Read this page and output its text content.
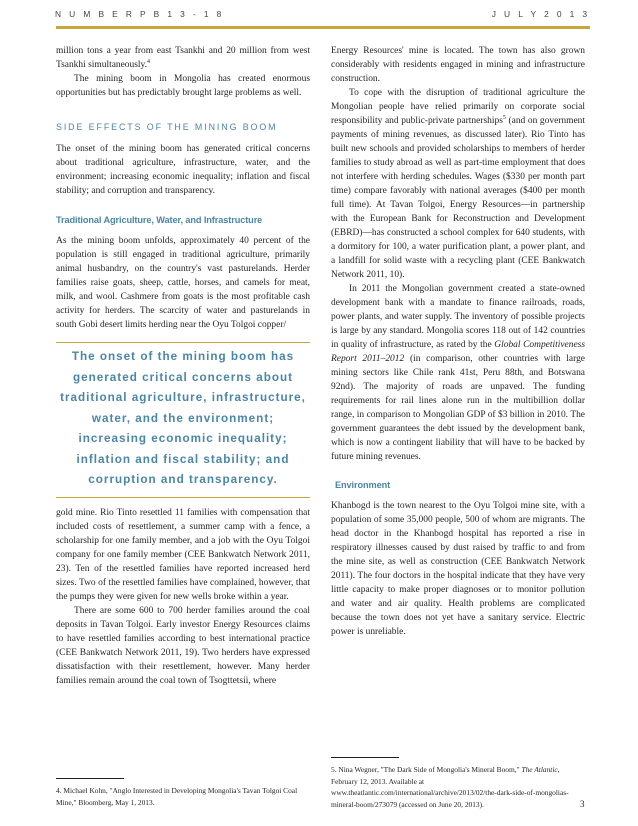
N U M B E R P B 1 3 - 1 8	J U L Y 2 0 1 3

million tons a year from east Tsankhi and 20 million from west Tsankhi simultaneously.$^4$

The mining boom in Mongolia has created enormous opportunities but has predictably brought large problems as well.

SIDE EFFECTS OF THE MINING BOOM

The onset of the mining boom has generated critical concerns about traditional agriculture, infrastructure, water, and the environment; increasing economic inequality; inflation and fiscal stability; and corruption and transparency.

Traditional Agriculture, Water, and Infrastructure

As the mining boom unfolds, approximately 40 percent of the population is still engaged in traditional agriculture, primarily animal husbandry, on the country's vast pasturelands. Herder families raise goats, sheep, cattle, horses, and camels for meat, milk, and wool. Cashmere from goats is the most profitable cash activity for herders. The scarcity of water and pasturelands in south Gobi desert limits herding near the Oyu Tolgoi copper/

The onset of the mining boom has generated critical concerns about traditional agriculture, infrastructure, water, and the environment; increasing economic inequality; inflation and fiscal stability; and corruption and transparency.

gold mine. Rio Tinto resettled 11 families with compensation that included costs of resettlement, a summer camp with a fence, a scholarship for one family member, and a job with the Oyu Tolgoi company for one family member (CEE Bankwatch Network 2011, 23). Ten of the resettled families have reported increased herd sizes. Two of the resettled families have complained, however, that the pumps they were given for new wells broke within a year.

There are some 600 to 700 herder families around the coal deposits in Tavan Tolgoi. Early investor Energy Resources claims to have resettled families according to best international practice (CEE Bankwatch Network 2011, 19). Two herders have expressed dissatisfaction with their resettlement, however. Many herder families remain around the coal town of Tsogttetsii, where

Energy Resources' mine is located. The town has also grown considerably with residents engaged in mining and infrastructure construction.

To cope with the disruption of traditional agriculture the Mongolian people have relied primarily on corporate social responsibility and public-private partnerships$^5$ (and on government payments of mining revenues, as discussed later). Rio Tinto has built new schools and provided scholarships to members of herder families to study abroad as well as part-time employment that does not interfere with herding schedules. Wages ($330 per month part time) compare favorably with national averages ($400 per month full time). At Tavan Tolgoi, Energy Resources—in partnership with the European Bank for Reconstruction and Development (EBRD)—has constructed a school complex for 640 students, with a dormitory for 100, a water purification plant, a power plant, and a landfill for solid waste with a recycling plant (CEE Bankwatch Network 2011, 10).

In 2011 the Mongolian government created a state-owned development bank with a mandate to finance railroads, roads, power plants, and water supply. The inventory of possible projects is large by any standard. Mongolia scores 118 out of 142 countries in quality of infrastructure, as rated by the Global Competitiveness Report 2011–2012 (in comparison, other countries with large mining sectors like Chile rank 41st, Peru 88th, and Botswana 92nd). The majority of roads are unpaved. The funding requirements for rail lines alone run in the multibillion dollar range, in comparison to Mongolian GDP of $3 billion in 2010. The government guarantees the debt issued by the development bank, which is now a contingent liability that will have to be backed by future mining revenues.

Environment

Khanbogd is the town nearest to the Oyu Tolgoi mine site, with a population of some 35,000 people, 500 of whom are migrants. The head doctor in the Khanbogd hospital has reported a rise in respiratory illnesses caused by dust raised by traffic to and from the mine site, as well as construction (CEE Bankwatch Network 2011). The four doctors in the hospital indicate that they have very little capacity to make proper diagnoses or to monitor pollution and water and air quality. Health problems are complicated because the town does not yet have a sanitary service. Electric power is unreliable.

4. Michael Kohn, "Anglo Interested in Developing Mongolia's Tavan Tolgoi Coal Mine," Bloomberg, May 1, 2013.
5. Nina Wegner, "The Dark Side of Mongolia's Mineral Boom," The Atlantic, February 12, 2013. Available at www.theatlantic.com/international/archive/2013/02/the-dark-side-of-mongolias-mineral-boom/273079 (accessed on June 20, 2013).	3
